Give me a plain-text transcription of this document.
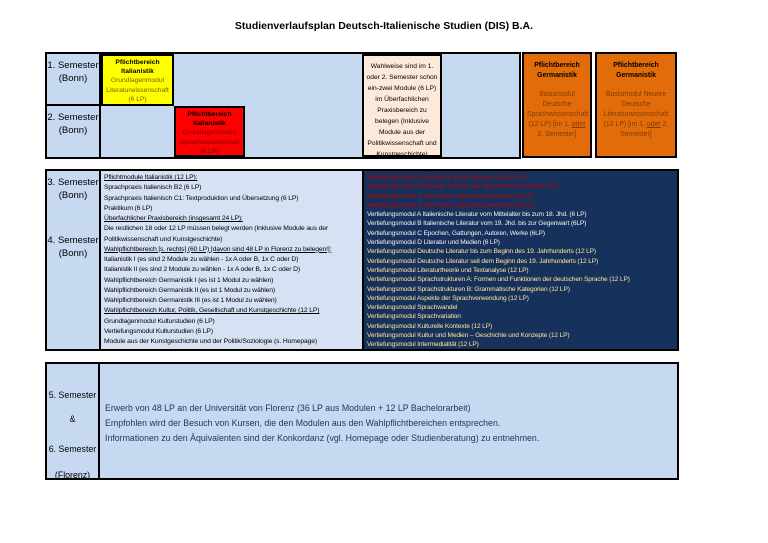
Studienverlaufsplan Deutsch-Italienische Studien (DIS) B.A.
1. Semester
(Bonn)
2. Semester
(Bonn)
Pflichtbereich
Italianistik
Grundlagenmodul
Literaturwissenschaft
(6 LP)
Pflichtbereich
Italianistik
Grundlagenmodul
Sprachwissenschaft
(6 LP)
Wahlweise sind im 1. oder 2. Semester schon ein-zwei Module (6 LP) im Überfachlichen Praxisbereich zu belegen (Inklusive Module aus der Politikwissenschaft und Kunstgeschichte)
Pflichtbereich
Germanistik
Basismodul Deutsche Sprachwissenschaft (12 LP) [im 1. oder 2. Semester]
Pflichtbereich
Germanistik
Basismodul Neuere Deutsche Literaturwissenschaft (12 LP) [im 1. oder 2. Semester]
3. Semester
(Bonn)
4. Semester
(Bonn)
Pflichtmodule Italianistik (12 LP):
Sprachpraxis Italienisch B2 (6 LP)
Sprachpraxis Italienisch C1: Textproduktion und Übersetzung (6 LP)
Praktikum (6 LP)
Überfachlicher Praxisbereich (insgesamt 24 LP):
Die restlichen 18 oder 12 LP müssen belegt werden (Inklusive Module aus der
Politikwissenschaft und Kunstgeschichte)
Wahlpflichtbereich [s. rechts] (60 LP) [davon sind 48 LP in Florenz zu belegen!]:
Italianistik I (es sind 2 Module zu wählen - 1x A oder B, 1x C oder D)
Italianistik II (es sind 2 Module zu wählen - 1x A oder B, 1x C oder D)
Wahlpflichtbereich Germanistik I (es ist 1 Modul zu wählen)
Wahlpflichtbereich Germanistik II (es ist 1 Modul zu wählen)
Wahlpflichtbereich Germanistik III (es ist 1 Modul zu wählen)
Wahlpflichtbereich Kultur, Politik, Gesellschaft und Kunstgeschichte (12 LP)
Grundlagenmodul Kulturstudien (6 LP)
Vertiefungsmodul Kulturstudien (6 LP)
Module aus der Kunstgeschichte und der Politik/Soziologie (s. Homepage)
Vertiefungsmodul A Diachrone Sprachwissenschaft (6 LP)
Vertiefungsmodul B Aktuelle Themen der Sprachwissenschaft (6 LP)
Vertiefungsmodul C Synchrone Sprachwissenschaft I (6 LP)
Vertiefungsmodul D Synchrone Sprachwissenschaft II (6 LP)
Vertiefungsmodul A Italienische Literatur vom Mittelalter bis zum 18. Jhd. (6 LP)
Vertiefungsmodul B Italienische Literatur vom 19. Jhd. bis zur Gegenwart (6LP)
Vertiefungsmodul C Epochen, Gattungen, Autoren, Werke (6LP)
Vertiefungsmodul D Literatur und Medien (6 LP)
Vertiefungsmodul Deutsche Literatur bis zum Beginn des 19. Jahrhunderts (12 LP)
Vertiefungsmodul Deutsche Literatur seit dem Beginn des 19. Jahrhunderts (12 LP)
Vertiefungsmodul Literaturtheorie und Textanalyse (12 LP)
Vertiefungsmodul Sprachstrukturen A: Formen und Funktionen der deutschen Sprache (12 LP)
Vertiefungsmodul Sprachstrukturen B: Grammatische Kategorien (12 LP)
Vertiefungsmodul Aspekte der Sprachverwendung (12 LP)
Vertiefungsmodul Sprachwandel
Vertiefungsmodul Sprachvariation
Vertiefungsmodul Kulturelle Kontexte (12 LP)
Vertiefungsmodul Kultur und Medien – Geschichte und Konzepte (12 LP)
Vertiefungsmodul Intermedialität (12 LP)
5. Semester
&
6. Semester
(Florenz)
Erwerb von 48 LP an der Universität von Florenz (36 LP aus Modulen + 12 LP Bachelorarbeit)
Empfohlen wird der Besuch von Kursen, die den Modulen aus den Wahlpflichtbereichen entsprechen.
Informationen zu den Äquivalenten sind der Konkordanz (vgl. Homepage oder Studienberatung) zu entnehmen.
